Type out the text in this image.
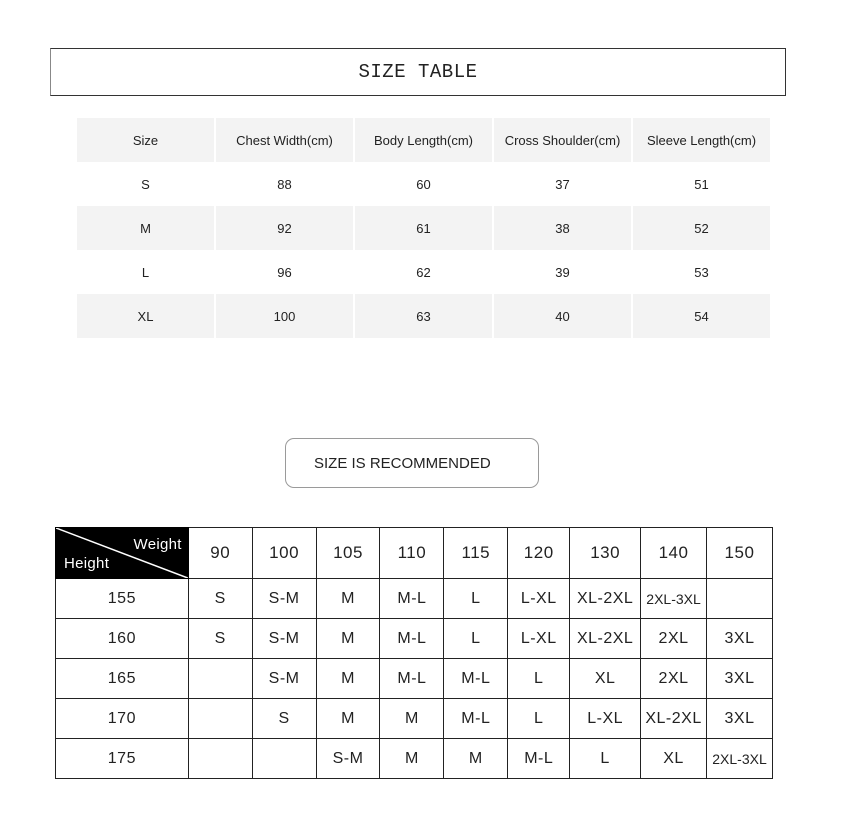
SIZE TABLE
Size	Chest Width(cm)	Body Length(cm)	Cross Shoulder(cm)	Sleeve Length(cm)
S	88	60	37	51
M	92	61	38	52
L	96	62	39	53
XL	100	63	40	54
SIZE IS RECOMMENDED
Weight
Height	90	100	105	110	115	120	130	140	150
155	S	S-M	M	M-L	L	L-XL	XL-2XL	2XL-3XL	
160	S	S-M	M	M-L	L	L-XL	XL-2XL	2XL	3XL
165		S-M	M	M-L	M-L	L	XL	2XL	3XL
170		S	M	M	M-L	L	L-XL	XL-2XL	3XL
175			S-M	M	M	M-L	L	XL	2XL-3XL
